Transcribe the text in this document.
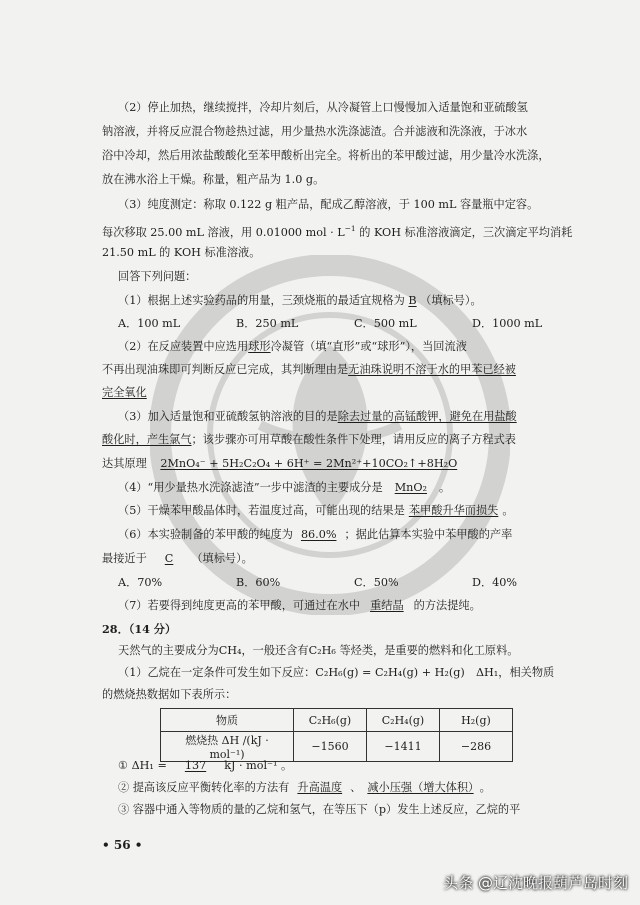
（2）停止加热，继续搅拌，冷却片刻后，从冷凝管上口慢慢加入适量饱和亚硫酸氢
钠溶液，并将反应混合物趁热过滤，用少量热水洗涤滤渣。合并滤液和洗涤液，于冰水
浴中冷却，然后用浓盐酸酸化至苯甲酸析出完全。将析出的苯甲酸过滤，用少量冷水洗涤，
放在沸水浴上干燥。称量，粗产品为 1.0 g。
（3）纯度测定：称取 0.122 g 粗产品，配成乙醇溶液，于 100 mL 容量瓶中定容。
每次移取 25.00 mL 溶液，用 0.01000 mol · $L^{-1}$ 的 KOH 标准溶液滴定，三次滴定平均消耗
21.50 mL 的 KOH 标准溶液。
回答下列问题：
（1）根据上述实验药品的用量，三颈烧瓶的最适宜规格为 B （填标号）。
A．100 mL	B．250 mL	C．500 mL	D．1000 mL
（2）在反应装置中应选用球形冷凝管（填“直形”或“球形”），当回流液
不再出现油珠即可判断反应已完成，其判断理由是无油珠说明不溶于水的甲苯已经被
完全氧化
（3）加入适量饱和亚硫酸氢钠溶液的目的是除去过量的高锰酸钾，避免在用盐酸
酸化时，产生氯气；该步骤亦可用草酸在酸性条件下处理，请用反应的离子方程式表
达其原理 2MnO₄⁻ + 5H₂C₂O₄ + 6H⁺ = 2Mn²⁺+10CO₂↑+8H₂O
（4）“用少量热水洗涤滤渣”一步中滤渣的主要成分是 MnO₂ 。
（5）干燥苯甲酸晶体时，若温度过高，可能出现的结果是 苯甲酸升华而损失 。
（6）本实验制备的苯甲酸的纯度为 86.0% ；据此估算本实验中苯甲酸的产率
最接近于 C （填标号）。
A．70%	B．60%	C．50%	D．40%
（7）若要得到纯度更高的苯甲酸，可通过在水中 重结晶 的方法提纯。
28．（14 分）
天然气的主要成分为CH₄，一般还含有C₂H₆ 等烃类，是重要的燃料和化工原料。
（1）乙烷在一定条件可发生如下反应：C₂H₆(g) = C₂H₄(g) + H₂(g)　ΔH₁，相关物质
的燃烧热数据如下表所示：
物质	C₂H₆(g)	C₂H₄(g)	H₂(g)
燃烧热 ΔH /(kJ · mol⁻¹)	−1560	−1411	−286
① ΔH₁ = 137 kJ · mol⁻¹ 。
• 56 •
头条 @辽沈晚报葫芦岛时刻
② 提高该反应平衡转化率的方法有 升高温度 、 减小压强（增大体积） 。
③ 容器中通入等物质的量的乙烷和氢气，在等压下（p）发生上述反应，乙烷的平
